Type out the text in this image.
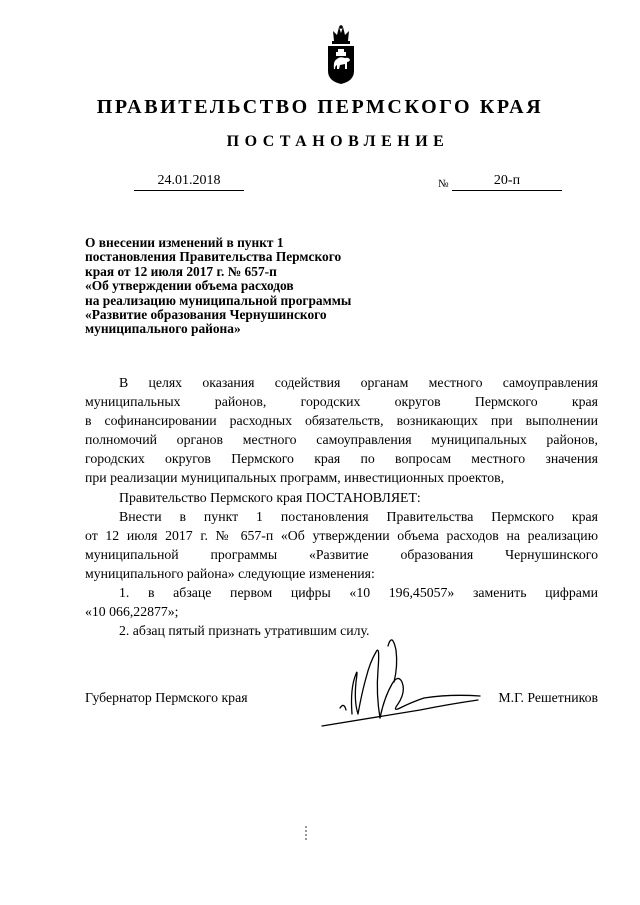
ПРАВИТЕЛЬСТВО ПЕРМСКОГО КРАЯ
ПОСТАНОВЛЕНИЕ
24.01.2018	№	20-п
О внесении изменений в пункт 1
постановления Правительства Пермского
края от 12 июля 2017 г. № 657-п
«Об утверждении объема расходов
на реализацию муниципальной программы
«Развитие образования Чернушинского
муниципального района»
В целях оказания содействия органам местного самоуправления
муниципальных районов, городских округов Пермского края
в софинансировании расходных обязательств, возникающих при выполнении
полномочий органов местного самоуправления муниципальных районов,
городских округов Пермского края по вопросам местного значения
при реализации муниципальных программ, инвестиционных проектов,
Правительство Пермского края ПОСТАНОВЛЯЕТ:
Внести в пункт 1 постановления Правительства Пермского края
от 12 июля 2017 г. № 657-п «Об утверждении объема расходов на реализацию
муниципальной программы «Развитие образования Чернушинского
муниципального района» следующие изменения:
1. в абзаце первом цифры «10 196,45057» заменить цифрами
«10 066,22877»;
2. абзац пятый признать утратившим силу.
Губернатор Пермского края	М.Г. Решетников
